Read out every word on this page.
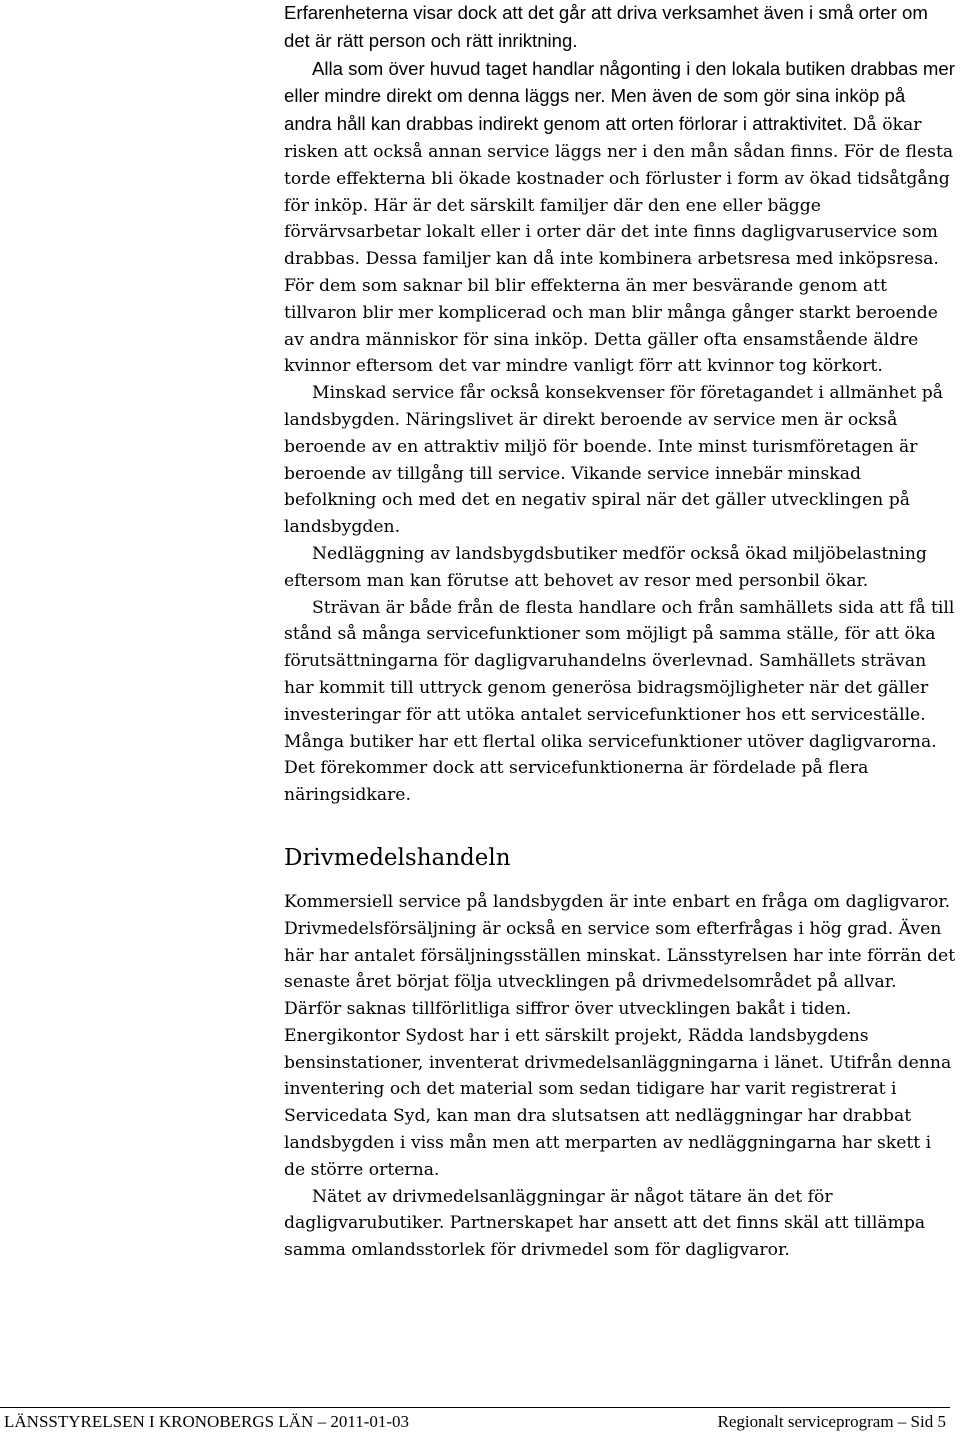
Erfarenheterna visar dock att det går att driva verksamhet även i små orter om det är rätt person och rätt inriktning.

Alla som över huvud taget handlar någonting i den lokala butiken drabbas mer eller mindre direkt om denna läggs ner. Men även de som gör sina inköp på andra håll kan drabbas indirekt genom att orten förlorar i attraktivitet. Då ökar risken att också annan service läggs ner i den mån sådan finns. För de flesta torde effekterna bli ökade kostnader och förluster i form av ökad tidsåtgång för inköp. Här är det särskilt familjer där den ene eller bägge förvärvsarbetar lokalt eller i orter där det inte finns dagligvaruservice som drabbas. Dessa familjer kan då inte kombinera arbetsresa med inköpsresa. För dem som saknar bil blir effekterna än mer besvärande genom att tillvaron blir mer komplicerad och man blir många gånger starkt beroende av andra människor för sina inköp. Detta gäller ofta ensamstående äldre kvinnor eftersom det var mindre vanligt förr att kvinnor tog körkort.

Minskad service får också konsekvenser för företagandet i allmänhet på landsbygden. Näringslivet är direkt beroende av service men är också beroende av en attraktiv miljö för boende. Inte minst turismföretagen är beroende av tillgång till service. Vikande service innebär minskad befolkning och med det en negativ spiral när det gäller utvecklingen på landsbygden.

Nedläggning av landsbygdsbutiker medför också ökad miljöbelastning eftersom man kan förutse att behovet av resor med personbil ökar.

Strävan är både från de flesta handlare och från samhällets sida att få till stånd så många servicefunktioner som möjligt på samma ställe, för att öka förutsättningarna för dagligvaruhandelns överlevnad. Samhällets strävan har kommit till uttryck genom generösa bidragsmöjligheter när det gäller investeringar för att utöka antalet servicefunktioner hos ett serviceställe. Många butiker har ett flertal olika servicefunktioner utöver dagligvarorna. Det förekommer dock att servicefunktionerna är fördelade på flera näringsidkare.

Drivmedelshandeln

Kommersiell service på landsbygden är inte enbart en fråga om dagligvaror. Drivmedelsförsäljning är också en service som efterfrågas i hög grad. Även här har antalet försäljningsställen minskat. Länsstyrelsen har inte förrän det senaste året börjat följa utvecklingen på drivmedelsområdet på allvar. Därför saknas tillförlitliga siffror över utvecklingen bakåt i tiden. Energikontor Sydost har i ett särskilt projekt, Rädda landsbygdens bensinstationer, inventerat drivmedelsanläggningarna i länet. Utifrån denna inventering och det material som sedan tidigare har varit registrerat i Servicedata Syd, kan man dra slutsatsen att nedläggningar har drabbat landsbygden i viss mån men att merparten av nedläggningarna har skett i de större orterna.

Nätet av drivmedelsanläggningar är något tätare än det för dagligvarubutiker. Partnerskapet har ansett att det finns skäl att tillämpa samma omlandsstorlek för drivmedel som för dagligvaror.

LÄNSSTYRELSEN I KRONOBERGS LÄN – 2011-01-03	Regionalt serviceprogram – Sid 5
